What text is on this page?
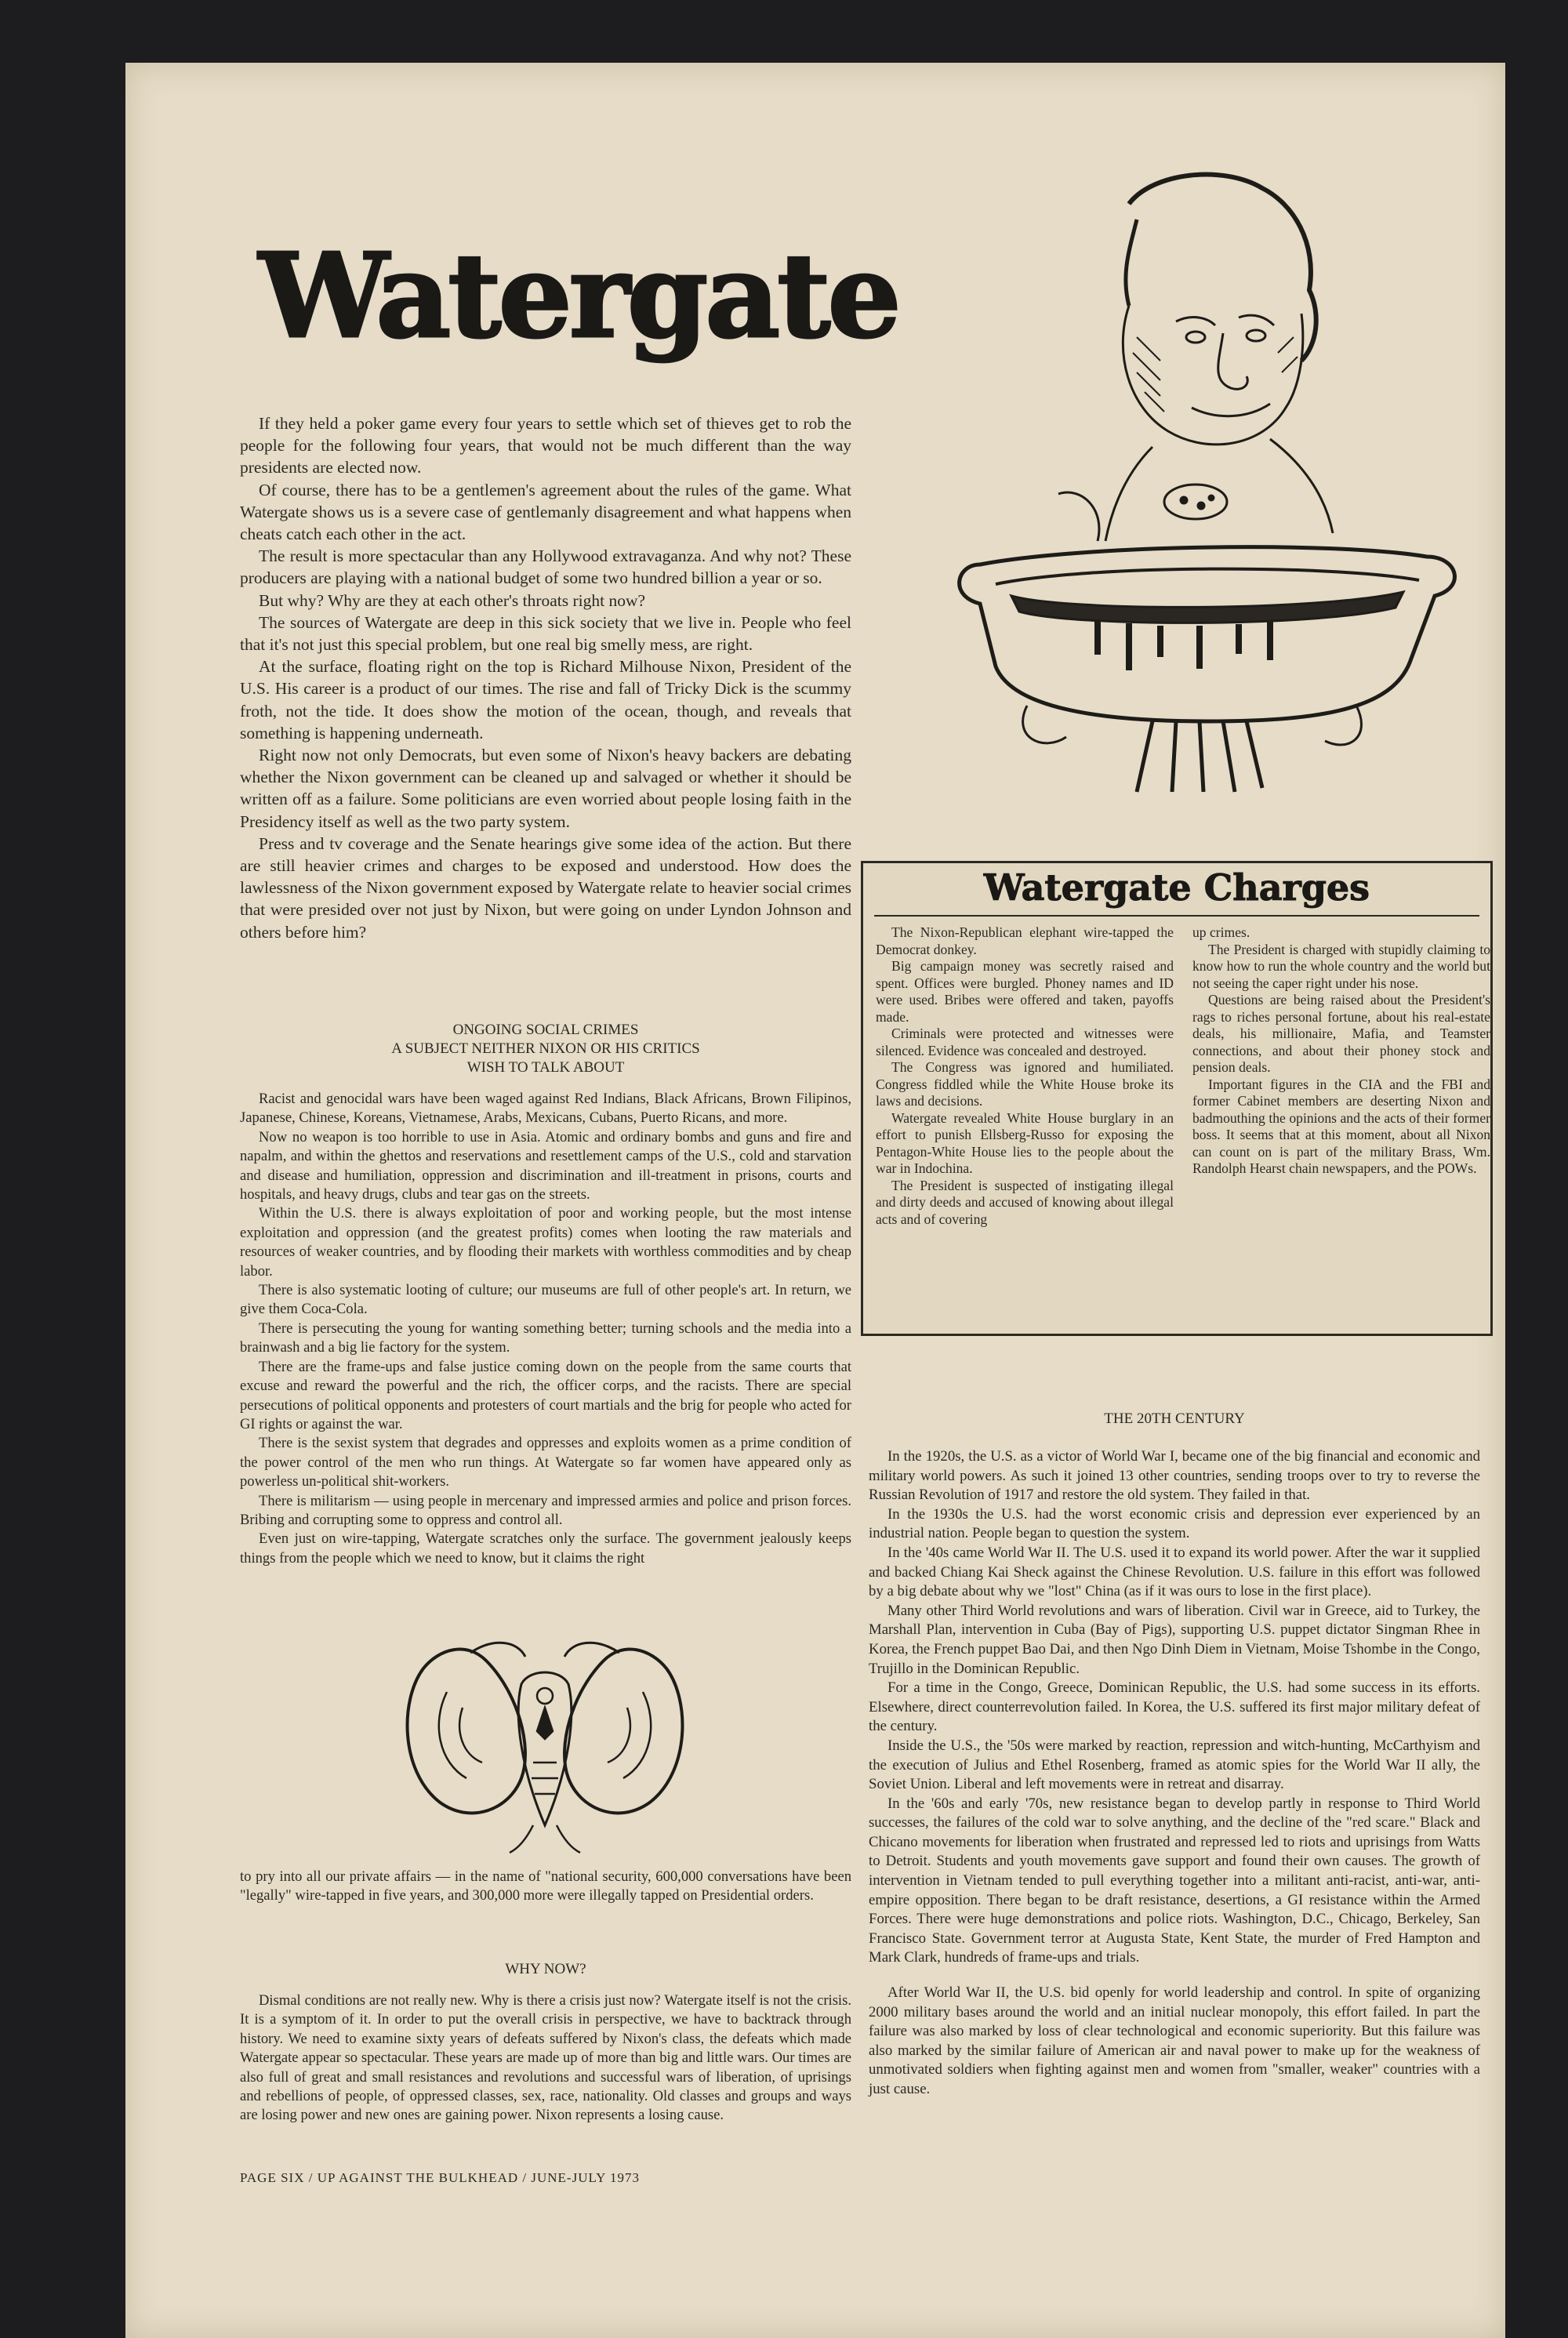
Watergate

If they held a poker game every four years to settle which set of thieves get to rob the people for the following four years, that would not be much different than the way presidents are elected now.

Of course, there has to be a gentlemen's agreement about the rules of the game. What Watergate shows us is a severe case of gentlemanly disagreement and what happens when cheats catch each other in the act.

The result is more spectacular than any Hollywood extravaganza. And why not? These producers are playing with a national budget of some two hundred billion a year or so.

But why? Why are they at each other's throats right now?

The sources of Watergate are deep in this sick society that we live in. People who feel that it's not just this special problem, but one real big smelly mess, are right.

At the surface, floating right on the top is Richard Milhouse Nixon, President of the U.S. His career is a product of our times. The rise and fall of Tricky Dick is the scummy froth, not the tide. It does show the motion of the ocean, though, and reveals that something is happening underneath.

Right now not only Democrats, but even some of Nixon's heavy backers are debating whether the Nixon government can be cleaned up and salvaged or whether it should be written off as a failure. Some politicians are even worried about people losing faith in the Presidency itself as well as the two party system.

Press and tv coverage and the Senate hearings give some idea of the action. But there are still heavier crimes and charges to be exposed and understood. How does the lawlessness of the Nixon government exposed by Watergate relate to heavier social crimes that were presided over not just by Nixon, but were going on under Lyndon Johnson and others before him?

ONGOING SOCIAL CRIMES
A SUBJECT NEITHER NIXON OR HIS CRITICS
WISH TO TALK ABOUT

Racist and genocidal wars have been waged against Red Indians, Black Africans, Brown Filipinos, Japanese, Chinese, Koreans, Vietnamese, Arabs, Mexicans, Cubans, Puerto Ricans, and more.

Now no weapon is too horrible to use in Asia. Atomic and ordinary bombs and guns and fire and napalm, and within the ghettos and reservations and resettlement camps of the U.S., cold and starvation and disease and humiliation, oppression and discrimination and ill-treatment in prisons, courts and hospitals, and heavy drugs, clubs and tear gas on the streets.

Within the U.S. there is always exploitation of poor and working people, but the most intense exploitation and oppression (and the greatest profits) comes when looting the raw materials and resources of weaker countries, and by flooding their markets with worthless commodities and by cheap labor.

There is also systematic looting of culture; our museums are full of other people's art. In return, we give them Coca-Cola.

There is persecuting the young for wanting something better; turning schools and the media into a brainwash and a big lie factory for the system.

There are the frame-ups and false justice coming down on the people from the same courts that excuse and reward the powerful and the rich, the officer corps, and the racists. There are special persecutions of political opponents and protesters of court martials and the brig for people who acted for GI rights or against the war.

There is the sexist system that degrades and oppresses and exploits women as a prime condition of the power control of the men who run things. At Watergate so far women have appeared only as powerless un-political shit-workers.

There is militarism — using people in mercenary and impressed armies and police and prison forces. Bribing and corrupting some to oppress and control all.

Even just on wire-tapping, Watergate scratches only the surface. The government jealously keeps things from the people which we need to know, but it claims the right

to pry into all our private affairs — in the name of "national security, 600,000 conversations have been "legally" wire-tapped in five years, and 300,000 more were illegally tapped on Presidential orders.

WHY NOW?

Dismal conditions are not really new. Why is there a crisis just now? Watergate itself is not the crisis. It is a symptom of it. In order to put the overall crisis in perspective, we have to backtrack through history. We need to examine sixty years of defeats suffered by Nixon's class, the defeats which made Watergate appear so spectacular. These years are made up of more than big and little wars. Our times are also full of great and small resistances and revolutions and successful wars of liberation, of uprisings and rebellions of people, of oppressed classes, sex, race, nationality. Old classes and groups and ways are losing power and new ones are gaining power. Nixon represents a losing cause.

Watergate Charges

The Nixon-Republican elephant wire-tapped the Democrat donkey.

Big campaign money was secretly raised and spent. Offices were burgled. Phoney names and ID were used. Bribes were offered and taken, payoffs made.

Criminals were protected and witnesses were silenced. Evidence was concealed and destroyed.

The Congress was ignored and humiliated. Congress fiddled while the White House broke its laws and decisions.

Watergate revealed White House burglary in an effort to punish Ellsberg-Russo for exposing the Pentagon-White House lies to the people about the war in Indochina.

The President is suspected of instigating illegal and dirty deeds and accused of knowing about illegal acts and of covering

up crimes.

The President is charged with stupidly claiming to know how to run the whole country and the world but not seeing the caper right under his nose.

Questions are being raised about the President's rags to riches personal fortune, about his real-estate deals, his millionaire, Mafia, and Teamster connections, and about their phoney stock and pension deals.

Important figures in the CIA and the FBI and former Cabinet members are deserting Nixon and badmouthing the opinions and the acts of their former boss. It seems that at this moment, about all Nixon can count on is part of the military Brass, Wm. Randolph Hearst chain newspapers, and the POWs.

THE 20TH CENTURY

In the 1920s, the U.S. as a victor of World War I, became one of the big financial and economic and military world powers. As such it joined 13 other countries, sending troops over to try to reverse the Russian Revolution of 1917 and restore the old system. They failed in that.

In the 1930s the U.S. had the worst economic crisis and depression ever experienced by an industrial nation. People began to question the system.

In the '40s came World War II. The U.S. used it to expand its world power. After the war it supplied and backed Chiang Kai Sheck against the Chinese Revolution. U.S. failure in this effort was followed by a big debate about why we "lost" China (as if it was ours to lose in the first place).

Many other Third World revolutions and wars of liberation. Civil war in Greece, aid to Turkey, the Marshall Plan, intervention in Cuba (Bay of Pigs), supporting U.S. puppet dictator Singman Rhee in Korea, the French puppet Bao Dai, and then Ngo Dinh Diem in Vietnam, Moise Tshombe in the Congo, Trujillo in the Dominican Republic.

For a time in the Congo, Greece, Dominican Republic, the U.S. had some success in its efforts. Elsewhere, direct counterrevolution failed. In Korea, the U.S. suffered its first major military defeat of the century.

Inside the U.S., the '50s were marked by reaction, repression and witch-hunting, McCarthyism and the execution of Julius and Ethel Rosenberg, framed as atomic spies for the World War II ally, the Soviet Union. Liberal and left movements were in retreat and disarray.

In the '60s and early '70s, new resistance began to develop partly in response to Third World successes, the failures of the cold war to solve anything, and the decline of the "red scare." Black and Chicano movements for liberation when frustrated and repressed led to riots and uprisings from Watts to Detroit. Students and youth movements gave support and found their own causes. The growth of intervention in Vietnam tended to pull everything together into a militant anti-racist, anti-war, anti-empire opposition. There began to be draft resistance, desertions, a GI resistance within the Armed Forces. There were huge demonstrations and police riots. Washington, D.C., Chicago, Berkeley, San Francisco State. Government terror at Augusta State, Kent State, the murder of Fred Hampton and Mark Clark, hundreds of frame-ups and trials.

After World War II, the U.S. bid openly for world leadership and control. In spite of organizing 2000 military bases around the world and an initial nuclear monopoly, this effort failed. In part the failure was also marked by loss of clear technological and economic superiority. But this failure was also marked by the similar failure of American air and naval power to make up for the weakness of unmotivated soldiers when fighting against men and women from "smaller, weaker" countries with a just cause.

PAGE SIX / UP AGAINST THE BULKHEAD / JUNE-JULY 1973
